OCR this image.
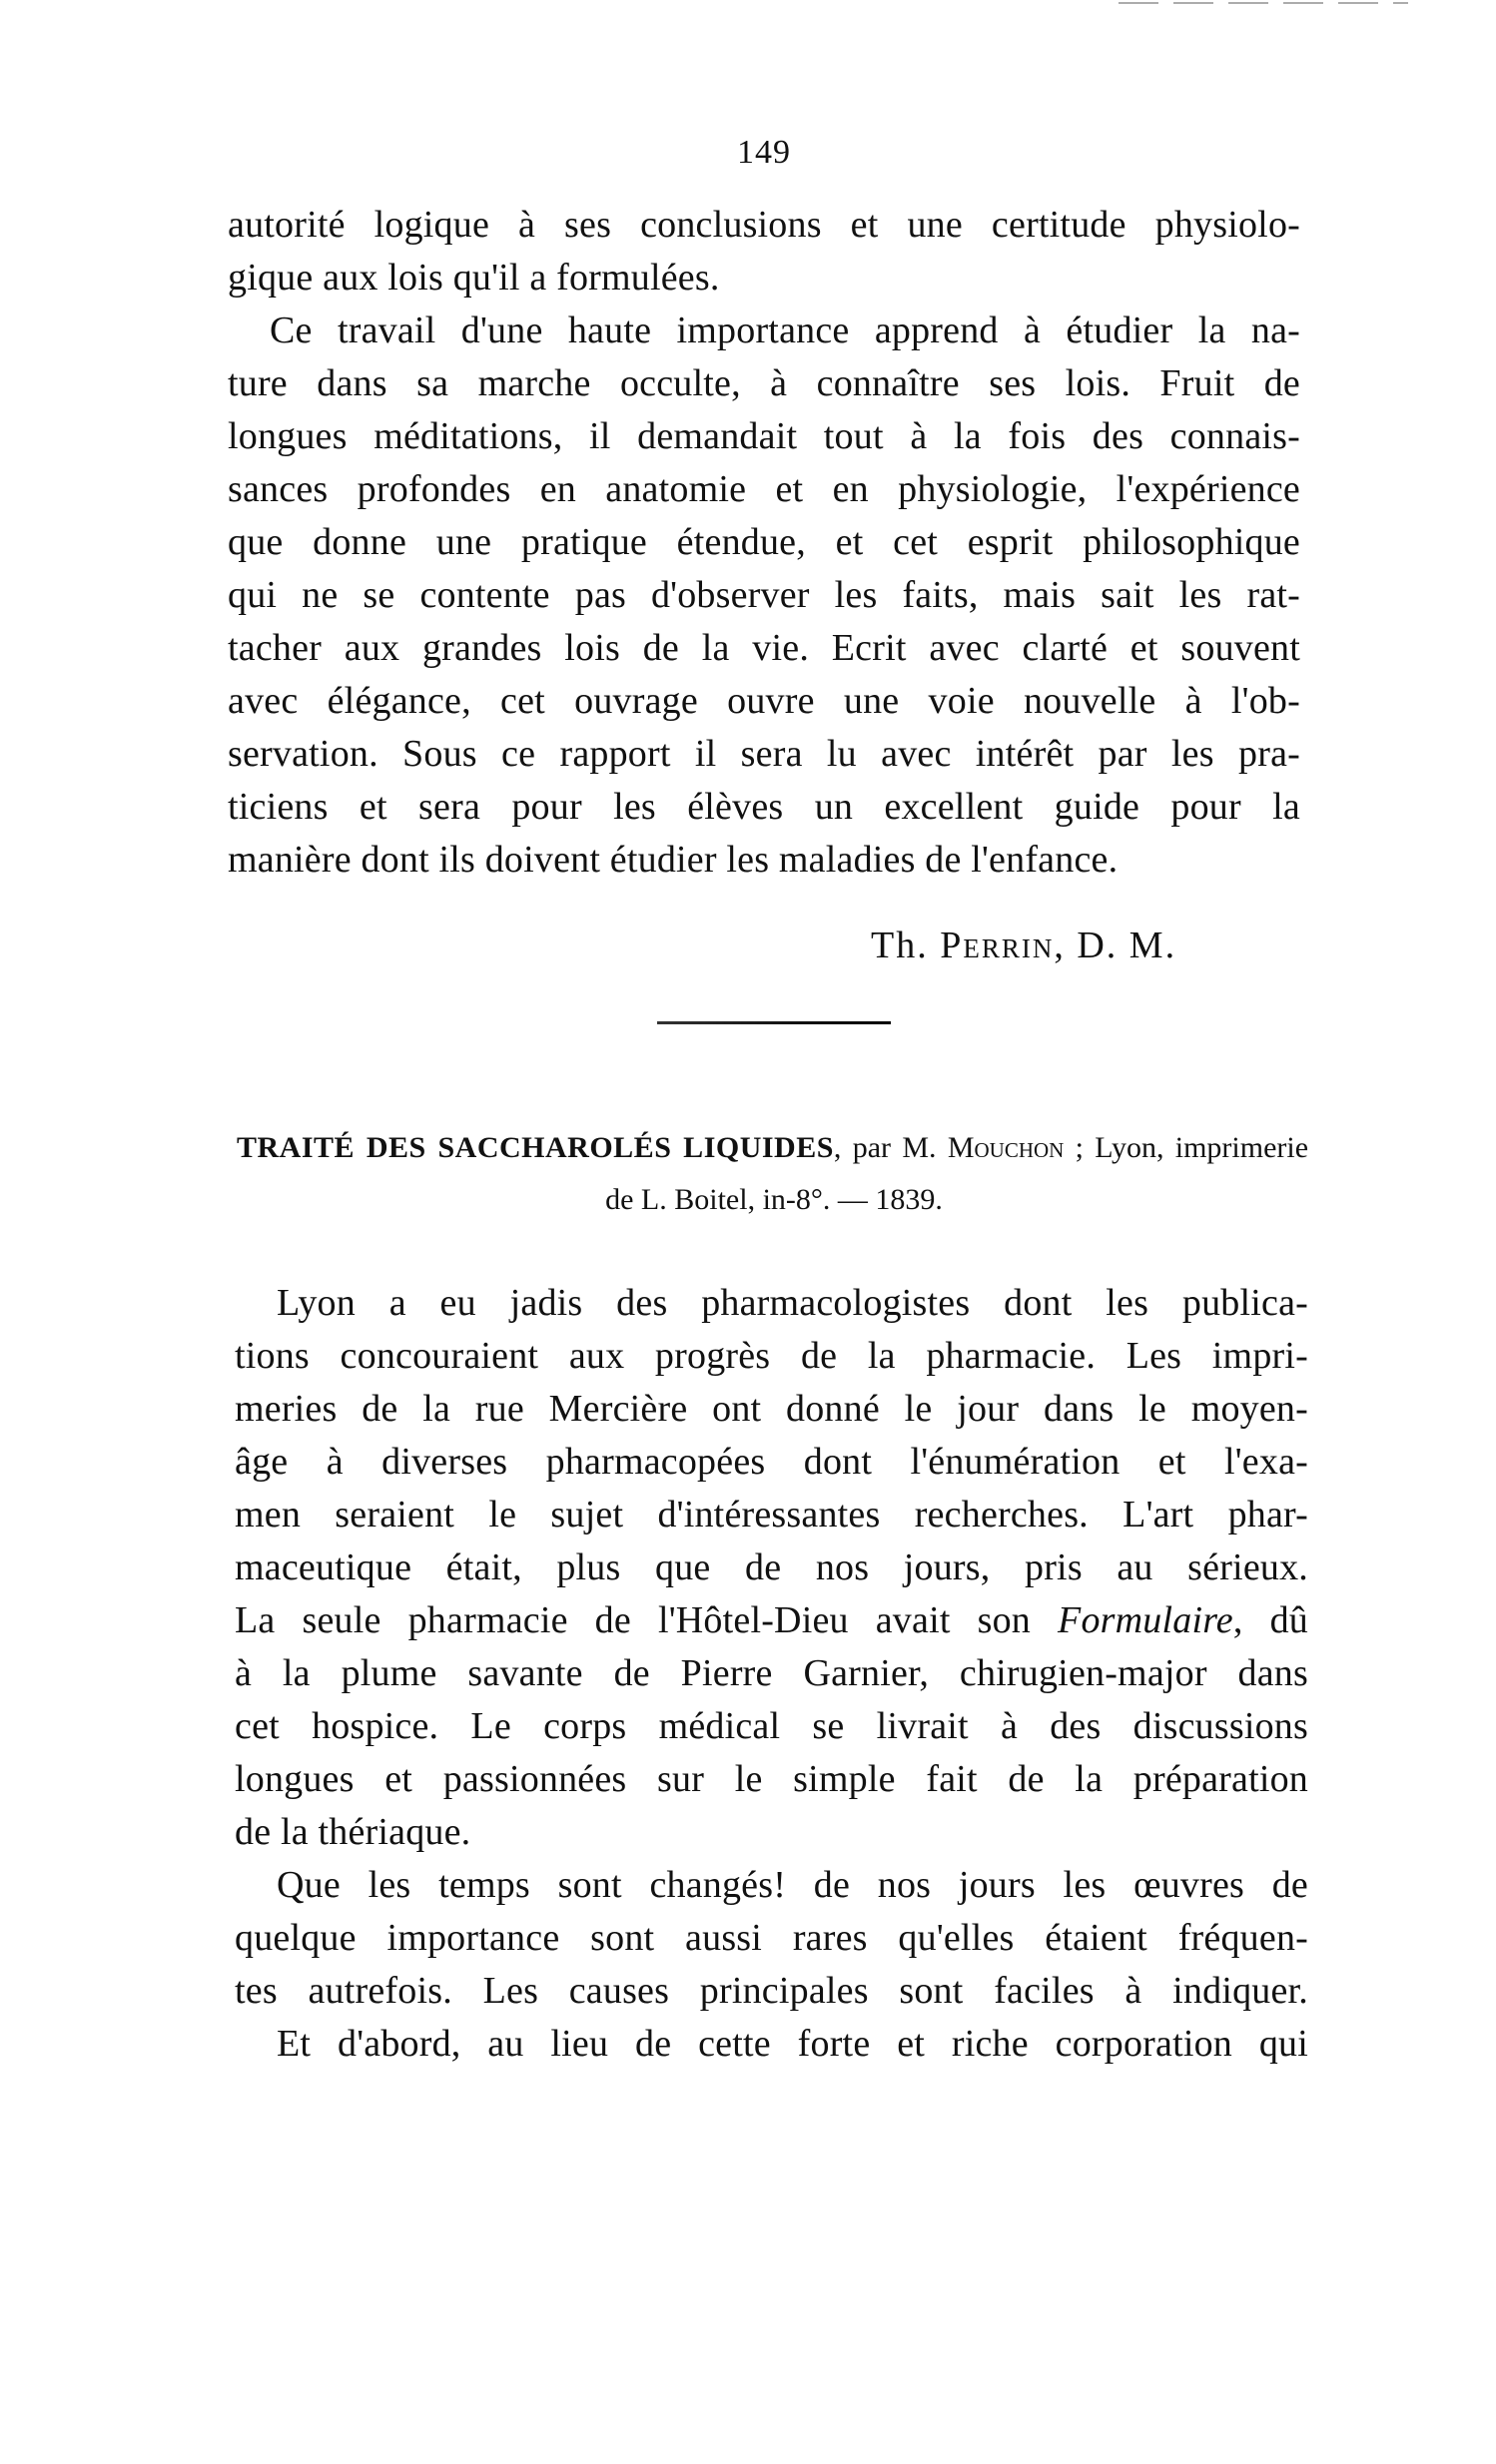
149
autorité logique à ses conclusions et une certitude physiolo-
gique aux lois qu'il a formulées.
Ce travail d'une haute importance apprend à étudier la na-
ture dans sa marche occulte, à connaître ses lois. Fruit de
longues méditations, il demandait tout à la fois des connais-
sances profondes en anatomie et en physiologie, l'expérience
que donne une pratique étendue, et cet esprit philosophique
qui ne se contente pas d'observer les faits, mais sait les rat-
tacher aux grandes lois de la vie. Ecrit avec clarté et souvent
avec élégance, cet ouvrage ouvre une voie nouvelle à l'ob-
servation. Sous ce rapport il sera lu avec intérêt par les pra-
ticiens et sera pour les élèves un excellent guide pour la
manière dont ils doivent étudier les maladies de l'enfance.
Th. Perrin, D. M.
TRAITÉ DES SACCHAROLÉS LIQUIDES, par M. Mouchon ; Lyon, imprimerie
de L. Boitel, in-8°. — 1839.
Lyon a eu jadis des pharmacologistes dont les publica-
tions concouraient aux progrès de la pharmacie. Les impri-
meries de la rue Mercière ont donné le jour dans le moyen-
âge à diverses pharmacopées dont l'énumération et l'exa-
men seraient le sujet d'intéressantes recherches. L'art phar-
maceutique était, plus que de nos jours, pris au sérieux.
La seule pharmacie de l'Hôtel-Dieu avait son Formulaire, dû
à la plume savante de Pierre Garnier, chirugien-major dans
cet hospice. Le corps médical se livrait à des discussions
longues et passionnées sur le simple fait de la préparation
de la thériaque.
Que les temps sont changés! de nos jours les œuvres de
quelque importance sont aussi rares qu'elles étaient fréquen-
tes autrefois. Les causes principales sont faciles à indiquer.
Et d'abord, au lieu de cette forte et riche corporation qui
